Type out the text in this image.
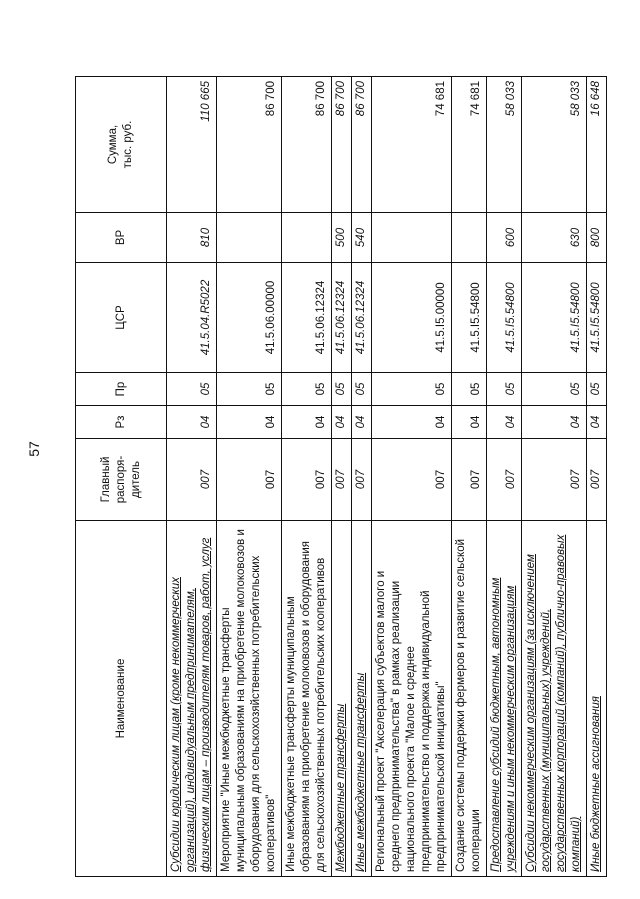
57
Наименование	Главный
распоря-
дитель	Рз	Пр	ЦСР	ВР	Сумма,
тыс. руб.
Субсидии юридическим лицам (кроме некоммерческих организаций), индивидуальным предпринимателям, физическим лицам – производителям товаров, работ, услуг	007	04	05	41.5.04.R5022	810	110 665
Мероприятие "Иные межбюджетные трансферты муниципальным образованиям на приобретение молоковозов и оборудования для сельскохозяйственных потребительских кооперативов"	007	04	05	41.5.06.00000		86 700
Иные межбюджетные трансферты муниципальным образованиям на приобретение молоковозов и оборудования для сельскохозяйственных потребительских кооперативов	007	04	05	41.5.06.12324		86 700
Межбюджетные трансферты	007	04	05	41.5.06.12324	500	86 700
Иные межбюджетные трансферты	007	04	05	41.5.06.12324	540	86 700
Региональный проект "Акселерация субъектов малого и среднего предпринимательства" в рамках реализации национального проекта "Малое и среднее предпринимательство и поддержка индивидуальной предпринимательской инициативы"	007	04	05	41.5.I5.00000		74 681
Создание системы поддержки фермеров и развитие сельской кооперации	007	04	05	41.5.I5.54800		74 681
Предоставление субсидий бюджетным, автономным учреждениям и иным некоммерческим организациям	007	04	05	41.5.I5.54800	600	58 033
Субсидии некоммерческим организациям (за исключением государственных (муниципальных) учреждений, государственных корпораций (компаний), публично-правовых компаний)	007	04	05	41.5.I5.54800	630	58 033
Иные бюджетные ассигнования	007	04	05	41.5.I5.54800	800	16 648
